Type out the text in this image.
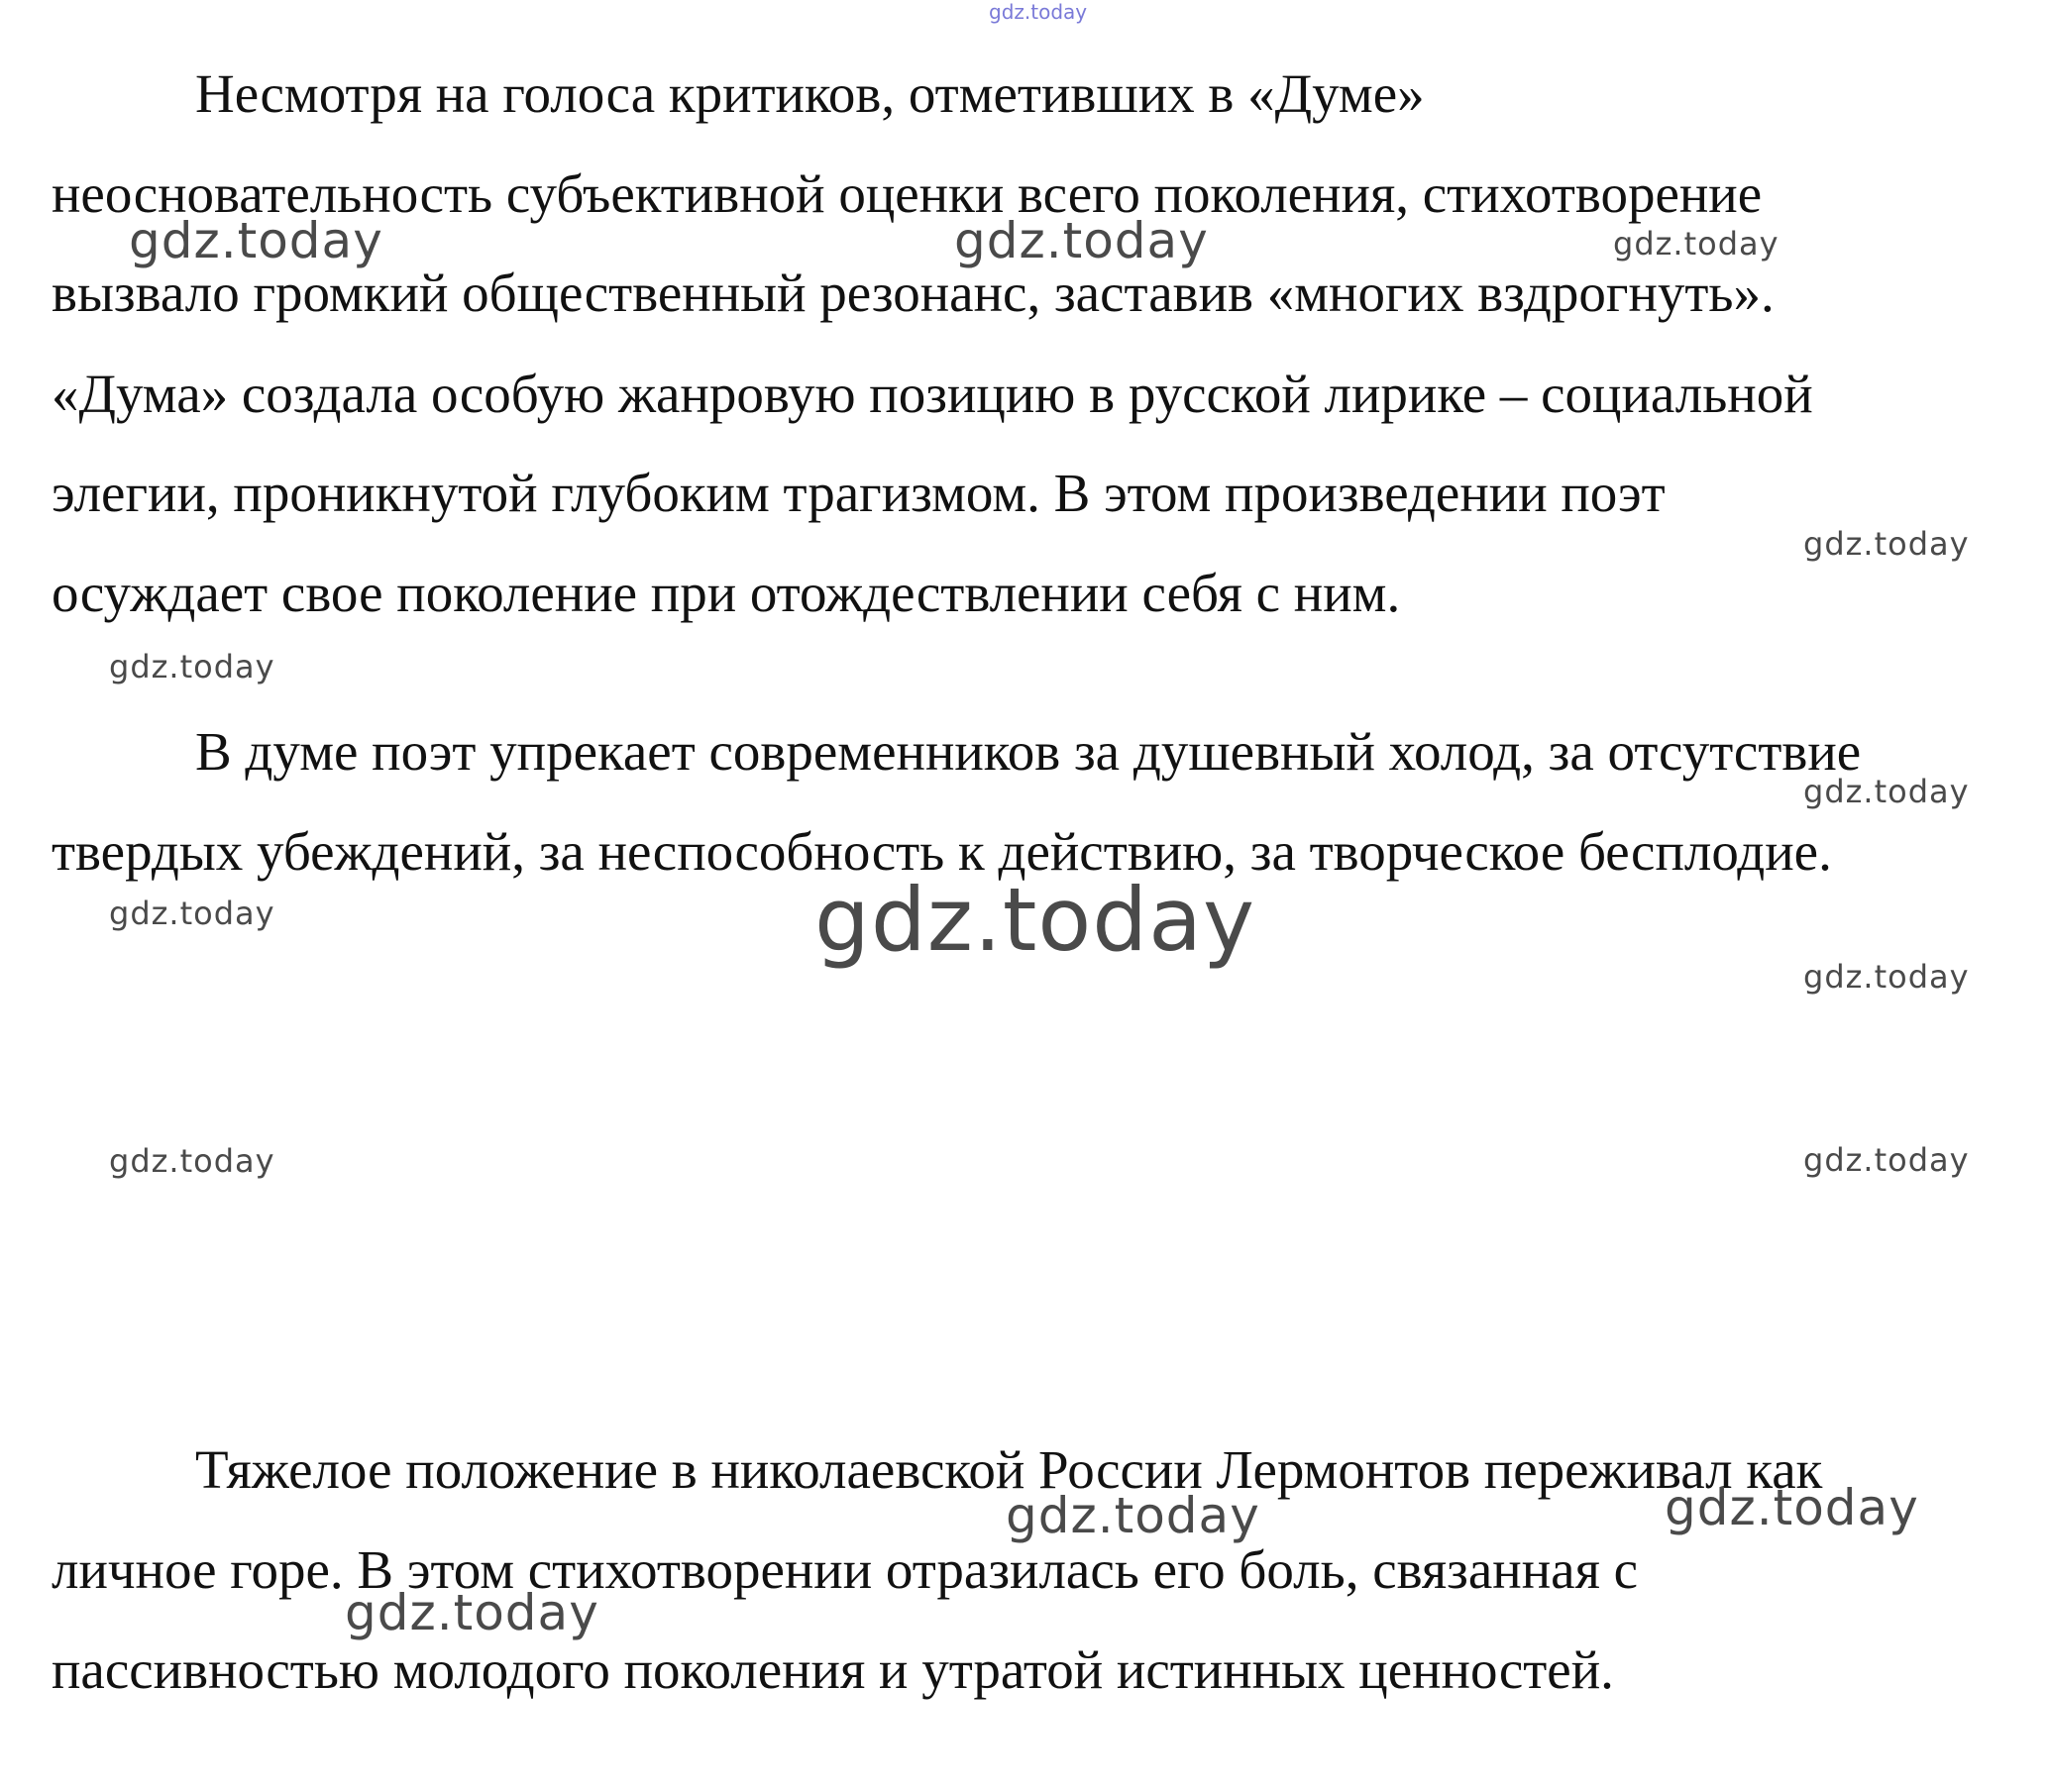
Несмотря на голоса критиков, отметивших в «Думе»
неосновательность субъективной оценки всего поколения, стихотворение
вызвало громкий общественный резонанс, заставив «многих вздрогнуть».
«Дума» создала особую жанровую позицию в русской лирике – социальной
элегии, проникнутой глубоким трагизмом. В этом произведении поэт
осуждает свое поколение при отождествлении себя с ним.
В думе поэт упрекает современников за душевный холод, за отсутствие
твердых убеждений, за неспособность к действию, за творческое бесплодие.
Тяжелое положение в николаевской России Лермонтов переживал как
личное горе. В этом стихотворении отразилась его боль, связанная с
пассивностью молодого поколения и утратой истинных ценностей.
gdz.today
gdz.today	gdz.today	gdz.today
gdz.today
gdz.today
gdz.today
gdz.today	gdz.today
gdz.today
gdz.today	gdz.today
gdz.today	gdz.today
gdz.today
